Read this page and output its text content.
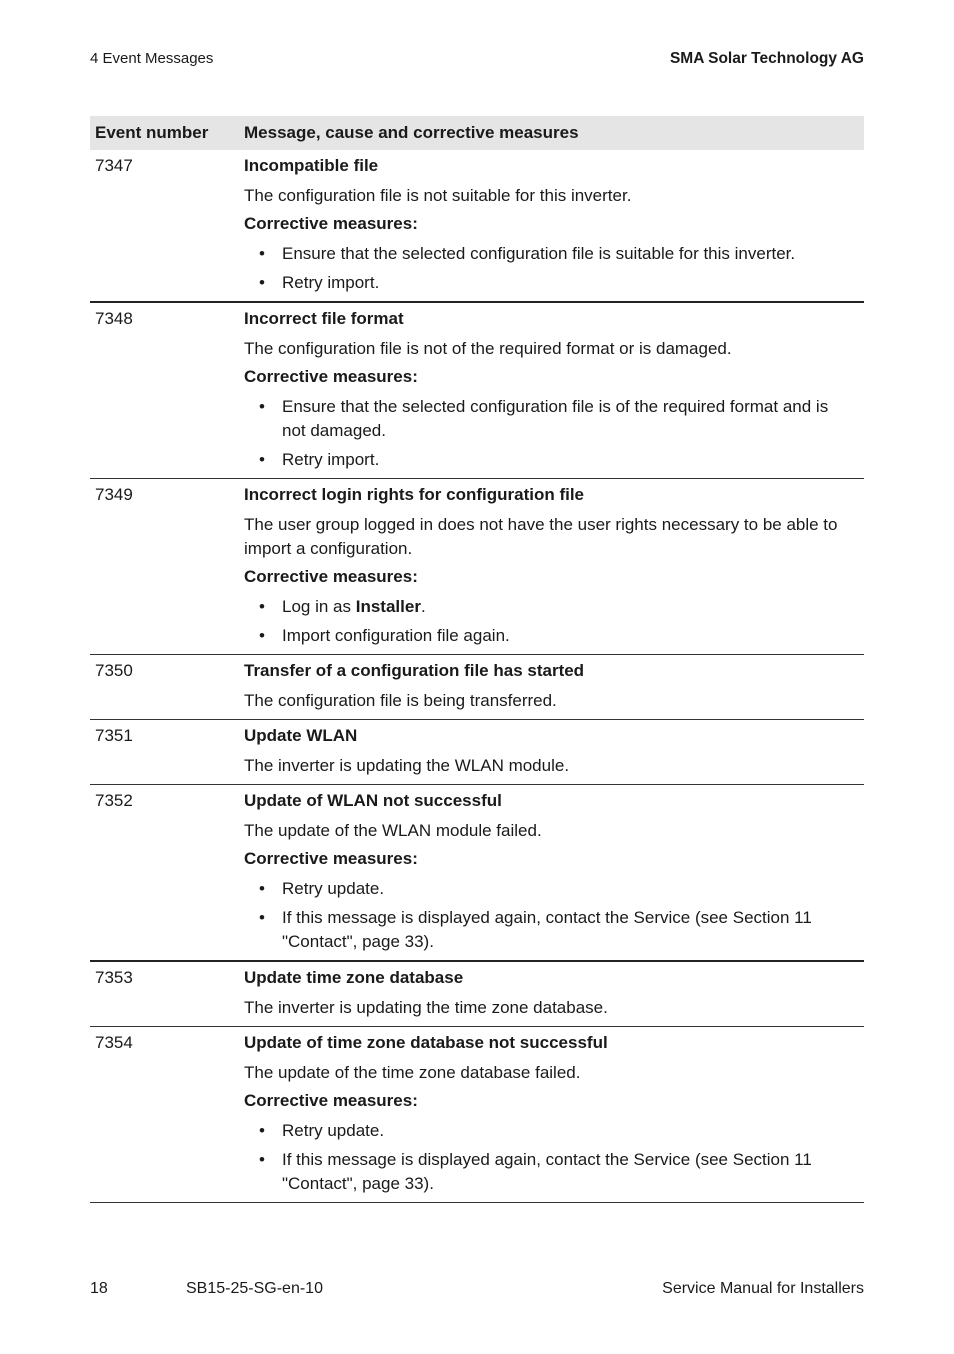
4 Event Messages	SMA Solar Technology AG
Event number	Message, cause and corrective measures
7347	Incompatible file
The configuration file is not suitable for this inverter.
Corrective measures:
• Ensure that the selected configuration file is suitable for this inverter.
• Retry import.
7348	Incorrect file format
The configuration file is not of the required format or is damaged.
Corrective measures:
• Ensure that the selected configuration file is of the required format and is not damaged.
• Retry import.
7349	Incorrect login rights for configuration file
The user group logged in does not have the user rights necessary to be able to import a configuration.
Corrective measures:
• Log in as Installer.
• Import configuration file again.
7350	Transfer of a configuration file has started
The configuration file is being transferred.
7351	Update WLAN
The inverter is updating the WLAN module.
7352	Update of WLAN not successful
The update of the WLAN module failed.
Corrective measures:
• Retry update.
• If this message is displayed again, contact the Service (see Section 11 "Contact", page 33).
7353	Update time zone database
The inverter is updating the time zone database.
7354	Update of time zone database not successful
The update of the time zone database failed.
Corrective measures:
• Retry update.
• If this message is displayed again, contact the Service (see Section 11 "Contact", page 33).
18	SB15-25-SG-en-10	Service Manual for Installers
